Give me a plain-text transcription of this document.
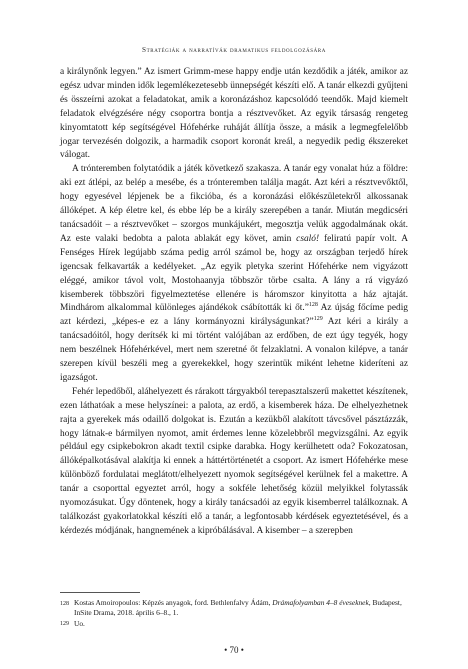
Stratégiák a narratívák dramatikus feldolgozására

a királynőnk legyen.” Az ismert Grimm-mese happy endje után kezdődik a játék, amikor az egész udvar minden idők legemlékezetesebb ünnepségét készíti elő. A tanár elkezdi gyűjteni és összeírni azokat a feladatokat, amik a koronázáshoz kapcsolódó teendők. Majd kiemelt feladatok elvégzésére négy csoportra bontja a résztvevőket. Az egyik társaság rengeteg kinyomtatott kép segítségével Hófehérke ruháját állítja össze, a másik a legmegfelelőbb jogar tervezésén dolgozik, a harmadik csoport koronát kreál, a negyedik pedig ékszereket válogat.

A trónteremben folytatódik a játék következő szakasza. A tanár egy vonalat húz a földre: aki ezt átlépi, az belép a mesébe, és a trónteremben találja magát. Azt kéri a résztvevőktől, hogy egyesével lépjenek be a fikcióba, és a koronázási előkészületekről alkossanak állóképet. A kép életre kel, és ebbe lép be a király szerepében a tanár. Miután megdicséri tanácsadóit – a résztvevőket – szorgos munkájukért, megosztja velük aggodalmának okát. Az este valaki bedobta a palota ablakát egy követ, amin csaló! feliratú papír volt. A Fenséges Hírek legújabb száma pedig arról számol be, hogy az országban terjedő hírek igencsak felkavarták a kedélyeket. „Az egyik pletyka szerint Hófehérke nem vigyázott eléggé, amikor távol volt, Mostohaanyja többször törbe csalta. A lány a rá vigyázó kisemberek többszöri figyelmeztetése ellenére is háromszor kinyitotta a ház ajtaját. Mindhárom alkalommal különleges ajándékok csábították ki őt.”$^{128}$ Az újság főcíme pedig azt kérdezi, „képes-e ez a lány kormányozni királyságunkat?”$^{129}$ Azt kéri a király a tanácsadóitól, hogy derítsék ki mi történt valójában az erdőben, de ezt úgy tegyék, hogy nem beszélnek Hófehérkével, mert nem szeretné őt felzaklatni. A vonalon kilépve, a tanár szerepen kívül beszéli meg a gyerekekkel, hogy szerintük miként lehetne kideríteni az igazságot.

Fehér lepedőből, aláhelyezett és rárakott tárgyakból terepasztalszerű makettet készítenek, ezen láthatóak a mese helyszínei: a palota, az erdő, a kisemberek háza. De elhelyezhetnek rajta a gyerekek más odaillő dolgokat is. Ezután a kezükből alakított távcsővel pásztázzák, hogy látnak-e bármilyen nyomot, amit érdemes lenne közelebbről megvizsgálni. Az egyik például egy csipkebokron akadt textil csipke darabka. Hogy kerülhetett oda? Fokozatosan, állóképalkotásával alakítja ki ennek a háttértörténetét a csoport. Az ismert Hófehérke mese különböző fordulatai meglátott/elhelyezett nyomok segítségével kerülnek fel a makettre. A tanár a csoporttal egyeztet arról, hogy a sokféle lehetőség közül melyikkel folytassák nyomozásukat. Úgy döntenek, hogy a király tanácsadói az egyik kisemberrel találkoznak. A találkozást gyakorlatokkal készíti elő a tanár, a legfontosabb kérdések egyeztetésével, és a kérdezés módjának, hangnemének a kipróbálásával. A kisember – a szerepben

128 Kostas Amoiropoulos: Képzés anyagok, ford. Bethlenfalvy Ádám, Drámafolyamban 4–8 éveseknek, Budapest, InSite Drama, 2018. április 6–8., 1.
129 Uo.
• 70 •
